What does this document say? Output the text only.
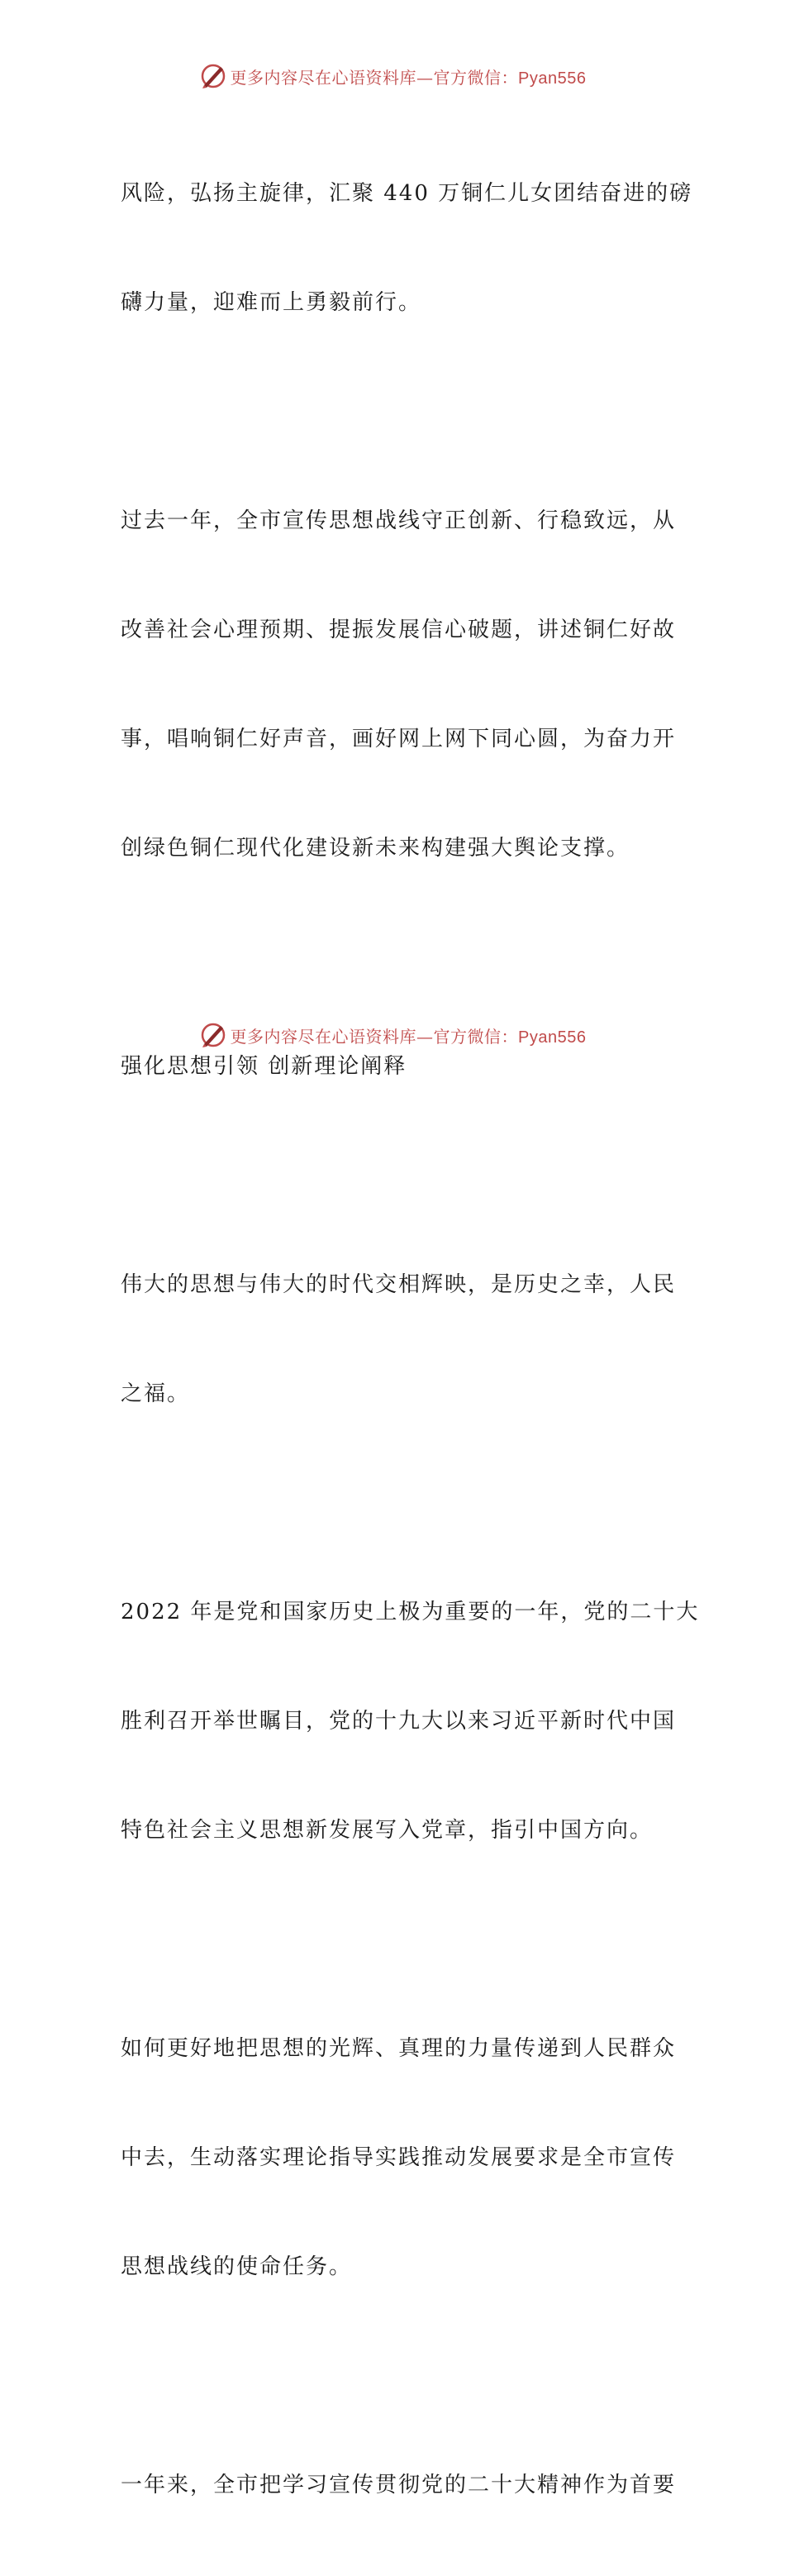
更多内容尽在心语资料库—官方微信：Pyan556

风险，弘扬主旋律，汇聚 440 万铜仁儿女团结奋进的磅

礴力量，迎难而上勇毅前行。

过去一年，全市宣传思想战线守正创新、行稳致远，从

改善社会心理预期、提振发展信心破题，讲述铜仁好故

事，唱响铜仁好声音，画好网上网下同心圆，为奋力开

创绿色铜仁现代化建设新未来构建强大舆论支撑。

强化思想引领 创新理论阐释

伟大的思想与伟大的时代交相辉映，是历史之幸，人民

之福。

2022 年是党和国家历史上极为重要的一年，党的二十大

胜利召开举世瞩目，党的十九大以来习近平新时代中国

特色社会主义思想新发展写入党章，指引中国方向。

如何更好地把思想的光辉、真理的力量传递到人民群众

中去，生动落实理论指导实践推动发展要求是全市宣传

思想战线的使命任务。

一年来，全市把学习宣传贯彻党的二十大精神作为首要

更多内容尽在心语资料库—官方微信：Pyan556
